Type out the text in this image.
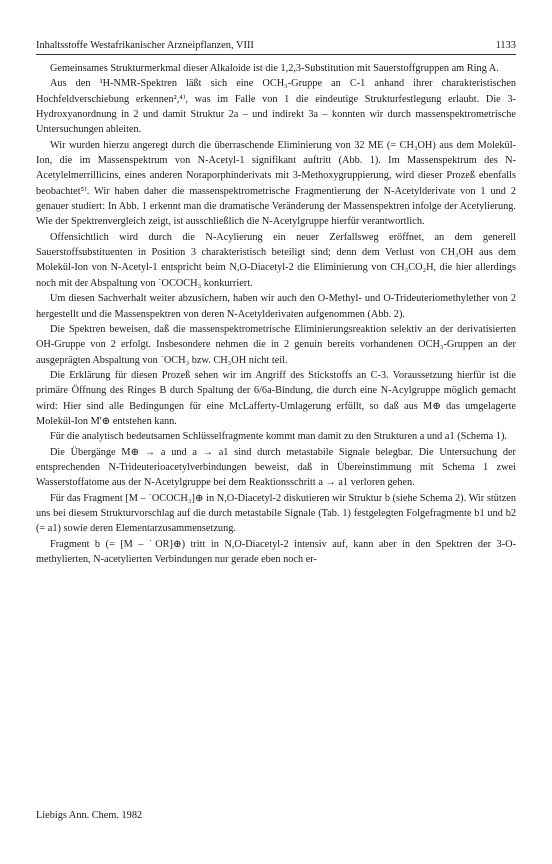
Inhaltsstoffe Westafrikanischer Arzneipflanzen, VIII	1133

Gemeinsames Strukturmerkmal dieser Alkaloide ist die 1,2,3-Substitution mit Sauerstoffgruppen am Ring A.

Aus den ¹H-NMR-Spektren läßt sich eine OCH₃-Gruppe an C-1 anhand ihrer charakteristischen Hochfeldverschiebung erkennen²,⁴⁾, was im Falle von 1 die eindeutige Strukturfestlegung erlaubt. Die 3-Hydroxyanordnung in 2 und damit Struktur 2a – und indirekt 3a – konnten wir durch massenspektrometrische Untersuchungen ableiten.

Wir wurden hierzu angeregt durch die überraschende Eliminierung von 32 ME (= CH₃OH) aus dem Molekül-Ion, die im Massenspektrum von N-Acetyl-1 signifikant auftritt (Abb. 1). Im Massenspektrum des N-Acetylelmerrillicins, eines anderen Noraporphinderivats mit 3-Methoxygruppierung, wird dieser Prozeß ebenfalls beobachtet⁵⁾. Wir haben daher die massenspektrometrische Fragmentierung der N-Acetylderivate von 1 und 2 genauer studiert: In Abb. 1 erkennt man die dramatische Veränderung der Massenspektren infolge der Acetylierung. Wie der Spektrenvergleich zeigt, ist ausschließlich die N-Acetylgruppe hierfür verantwortlich.

Offensichtlich wird durch die N-Acylierung ein neuer Zerfallsweg eröffnet, an dem generell Sauerstoffsubstituenten in Position 3 charakteristisch beteiligt sind; denn dem Verlust von CH₃OH aus dem Molekül-Ion von N-Acetyl-1 entspricht beim N,O-Diacetyl-2 die Eliminierung von CH₃CO₂H, die hier allerdings noch mit der Abspaltung von ˙OCOCH₃ konkurriert.

Um diesen Sachverhalt weiter abzusichern, haben wir auch den O-Methyl- und O-Trideuteriomethylether von 2 hergestellt und die Massenspektren von deren N-Acetylderivaten aufgenommen (Abb. 2).

Die Spektren beweisen, daß die massenspektrometrische Eliminierungsreaktion selektiv an der derivatisierten OH-Gruppe von 2 erfolgt. Insbesondere nehmen die in 2 genuin bereits vorhandenen OCH₃-Gruppen an der ausgeprägten Abspaltung von ˙OCH₃ bzw. CH₃OH nicht teil.

Die Erklärung für diesen Prozeß sehen wir im Angriff des Stickstoffs an C-3. Voraussetzung hierfür ist die primäre Öffnung des Ringes B durch Spaltung der 6/6a-Bindung, die durch eine N-Acylgruppe möglich gemacht wird: Hier sind alle Bedingungen für eine McLafferty-Umlagerung erfüllt, so daß aus M⊕ das umgelagerte Molekül-Ion M'⊕ entstehen kann.

Für die analytisch bedeutsamen Schlüsselfragmente kommt man damit zu den Strukturen a und a1 (Schema 1).

Die Übergänge M⊕ → a und a → a1 sind durch metastabile Signale belegbar. Die Untersuchung der entsprechenden N-Trideuterioacetylverbindungen beweist, daß in Übereinstimmung mit Schema 1 zwei Wasserstoffatome aus der N-Acetylgruppe bei dem Reaktionsschritt a → a1 verloren gehen.

Für das Fragment [M – ˙OCOCH₃]⊕ in N,O-Diacetyl-2 diskutieren wir Struktur b (siehe Schema 2). Wir stützen uns bei diesem Strukturvorschlag auf die durch metastabile Signale (Tab. 1) festgelegten Folgefragmente b1 und b2 (= a1) sowie deren Elementarzusammensetzung.

Fragment b (= [M – ˙OR]⊕) tritt in N,O-Diacetyl-2 intensiv auf, kann aber in den Spektren der 3-O-methylierten, N-acetylierten Verbindungen nur gerade eben noch er-

Liebigs Ann. Chem. 1982
